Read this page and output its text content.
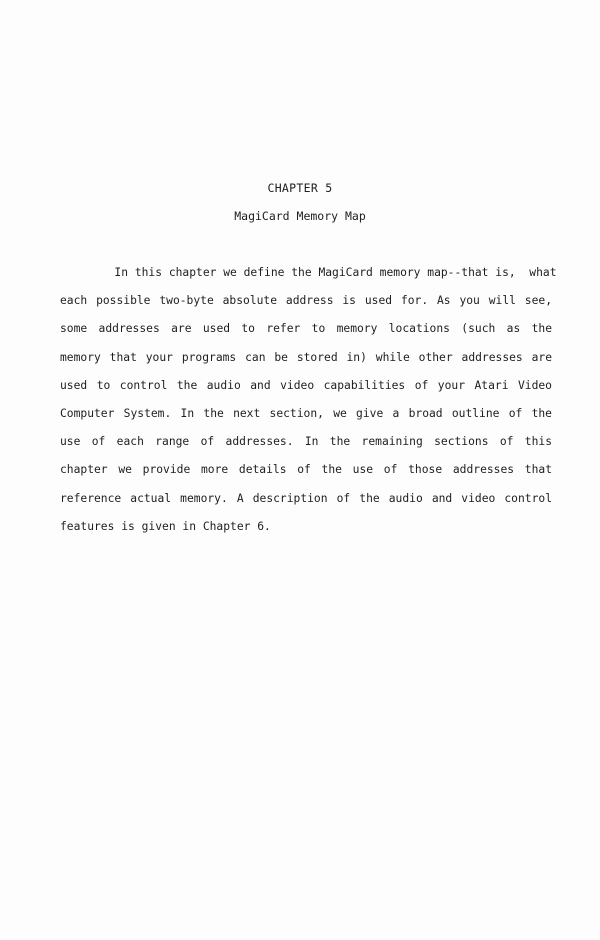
CHAPTER 5
MagiCard Memory Map
In this chapter we define the MagiCard memory map--that is,  what
each possible two-byte absolute address is used for. As you will see,
some addresses are used to refer to memory locations (such as the
memory that your programs can be stored in) while other addresses are
used to control the audio and video capabilities of your Atari Video
Computer System. In the next section, we give a broad outline of the
use of each range of addresses. In the remaining sections of this
chapter we provide more details of the use of those addresses that
reference actual memory. A description of the audio and video control
features is given in Chapter 6.
